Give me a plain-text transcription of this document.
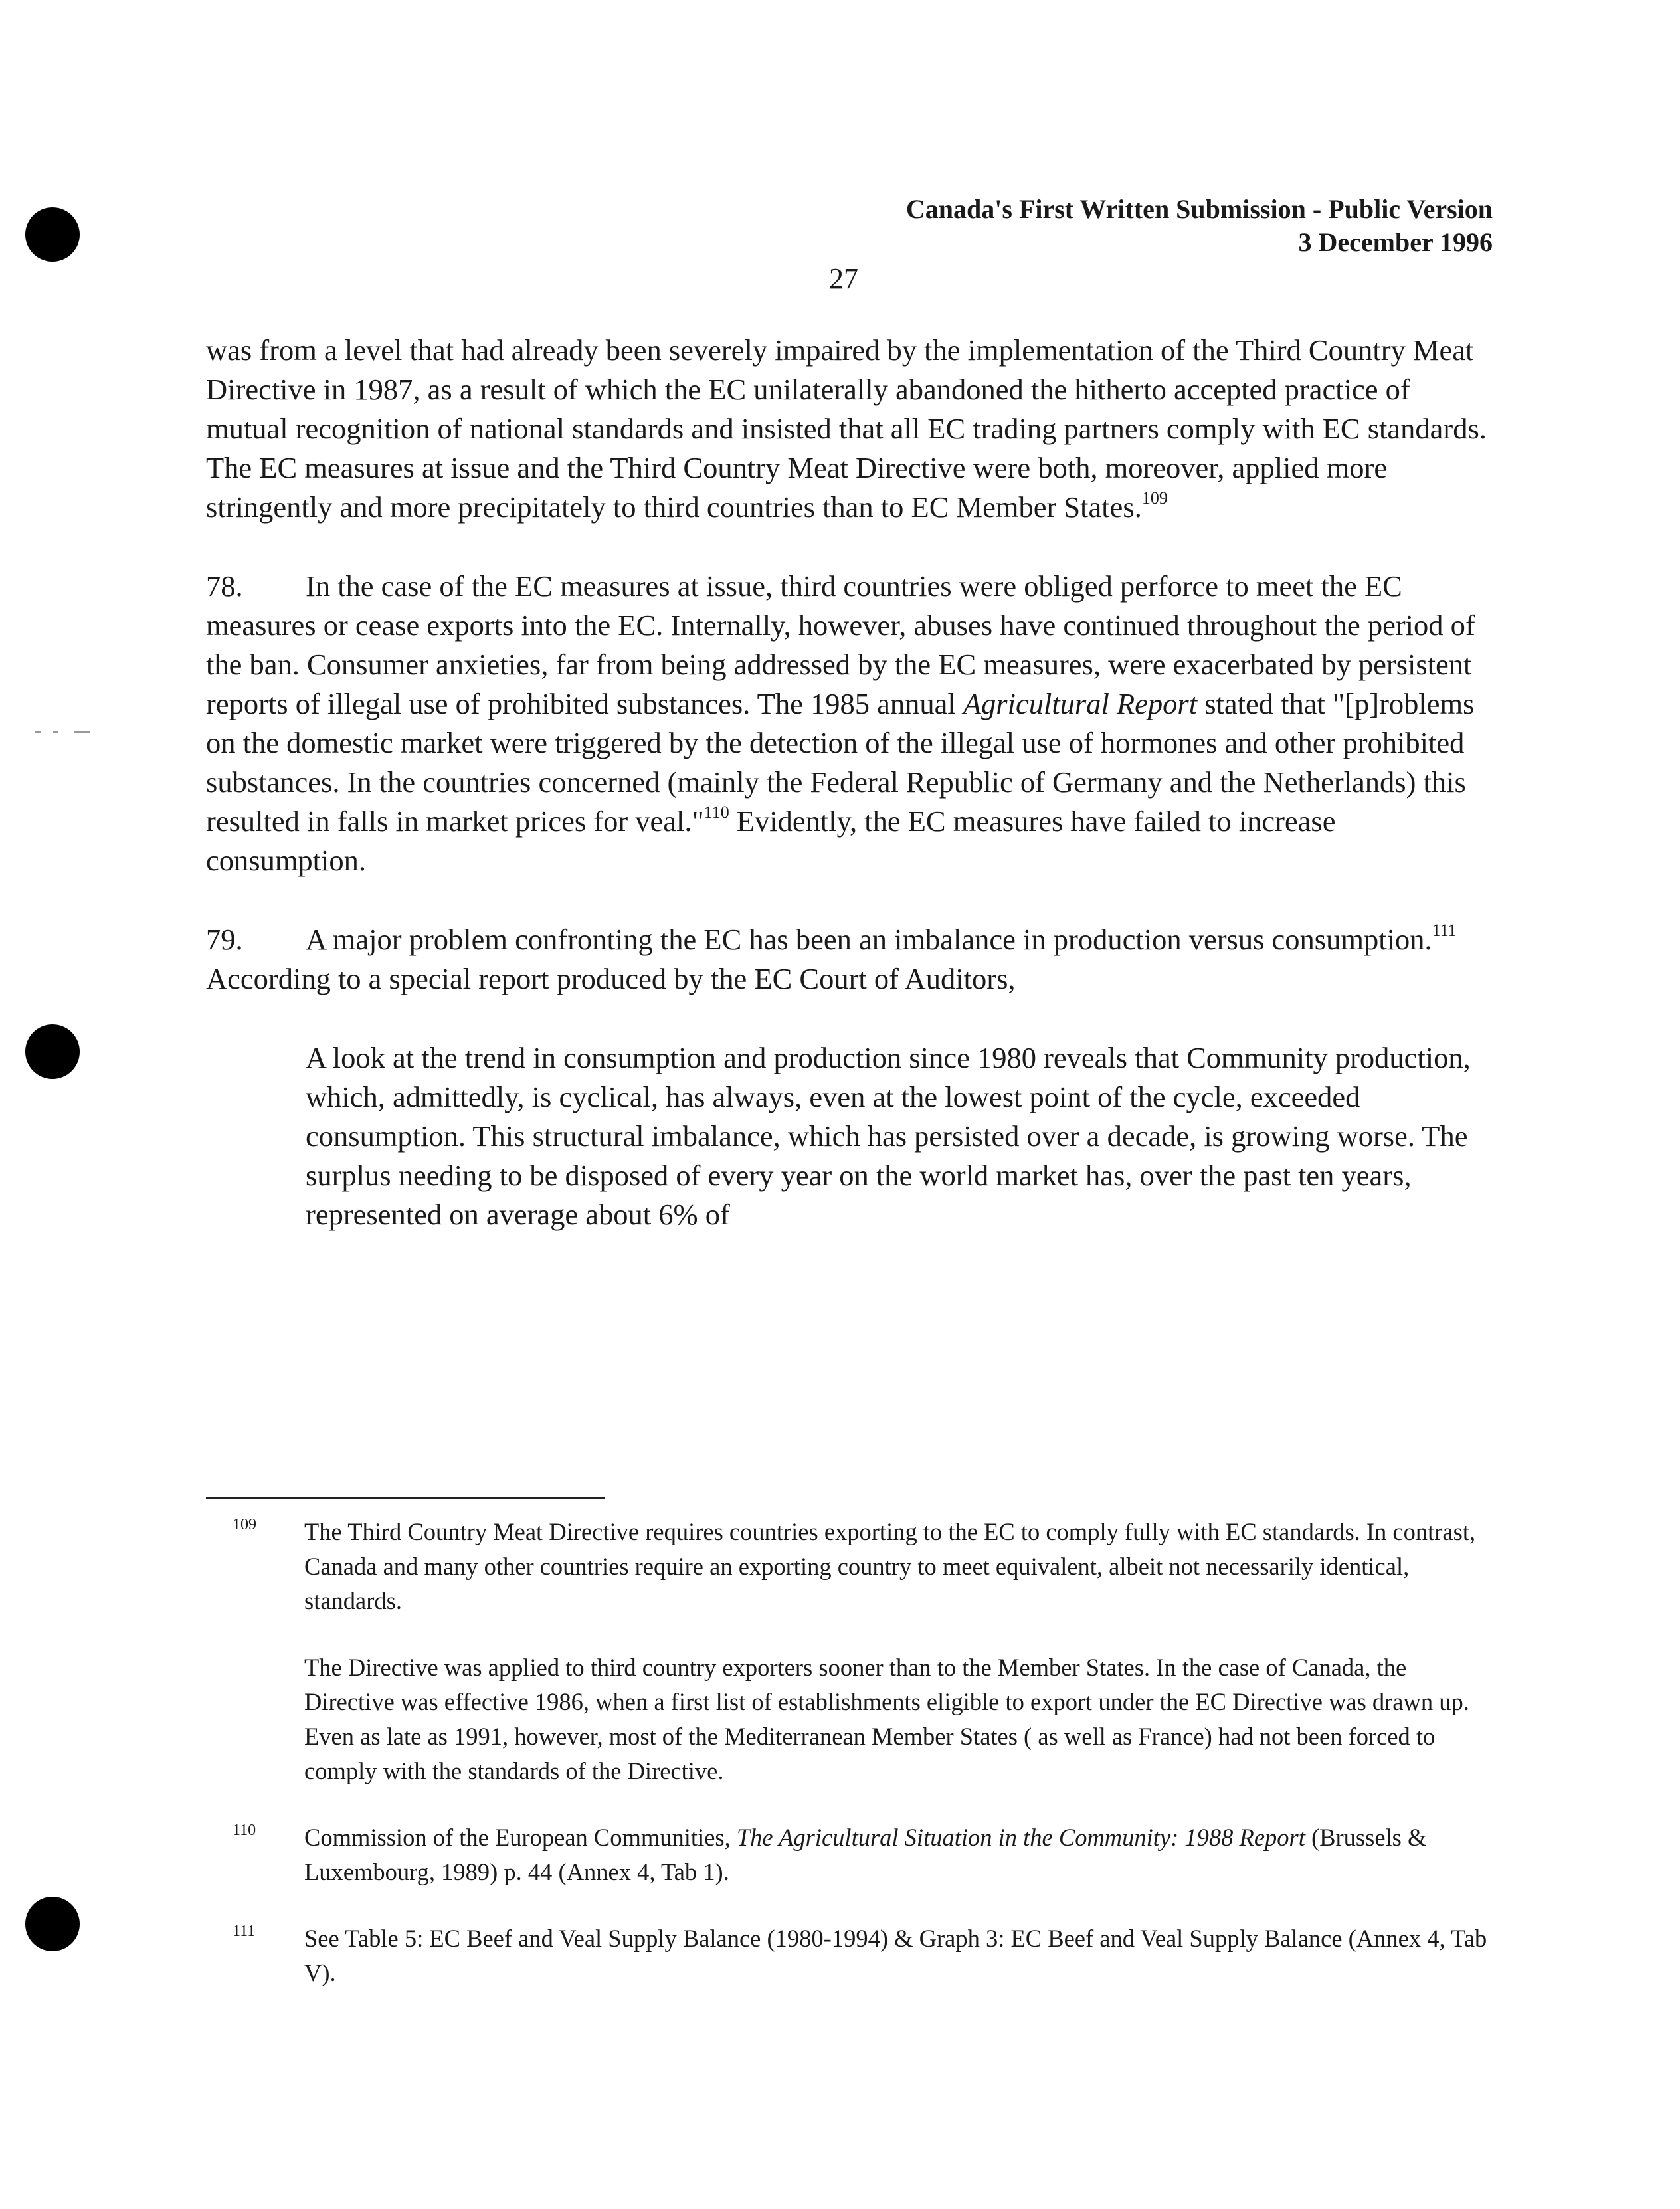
Canada's First Written Submission - Public Version
3 December 1996
27

was from a level that had already been severely impaired by the implementation of the Third Country Meat Directive in 1987, as a result of which the EC unilaterally abandoned the hitherto accepted practice of mutual recognition of national standards and insisted that all EC trading partners comply with EC standards. The EC measures at issue and the Third Country Meat Directive were both, moreover, applied more stringently and more precipitately to third countries than to EC Member States.$^{109}$

78. In the case of the EC measures at issue, third countries were obliged perforce to meet the EC measures or cease exports into the EC. Internally, however, abuses have continued throughout the period of the ban. Consumer anxieties, far from being addressed by the EC measures, were exacerbated by persistent reports of illegal use of prohibited substances. The 1985 annual Agricultural Report stated that "[p]roblems on the domestic market were triggered by the detection of the illegal use of hormones and other prohibited substances. In the countries concerned (mainly the Federal Republic of Germany and the Netherlands) this resulted in falls in market prices for veal."$^{110}$ Evidently, the EC measures have failed to increase consumption.

79. A major problem confronting the EC has been an imbalance in production versus consumption.$^{111}$ According to a special report produced by the EC Court of Auditors,

A look at the trend in consumption and production since 1980 reveals that Community production, which, admittedly, is cyclical, has always, even at the lowest point of the cycle, exceeded consumption. This structural imbalance, which has persisted over a decade, is growing worse. The surplus needing to be disposed of every year on the world market has, over the past ten years, represented on average about 6% of

109 The Third Country Meat Directive requires countries exporting to the EC to comply fully with EC standards. In contrast, Canada and many other countries require an exporting country to meet equivalent, albeit not necessarily identical, standards.
The Directive was applied to third country exporters sooner than to the Member States. In the case of Canada, the Directive was effective 1986, when a first list of establishments eligible to export under the EC Directive was drawn up. Even as late as 1991, however, most of the Mediterranean Member States ( as well as France) had not been forced to comply with the standards of the Directive.
110 Commission of the European Communities, The Agricultural Situation in the Community: 1988 Report (Brussels & Luxembourg, 1989) p. 44 (Annex 4, Tab 1).
111 See Table 5: EC Beef and Veal Supply Balance (1980-1994) & Graph 3: EC Beef and Veal Supply Balance (Annex 4, Tab V).
